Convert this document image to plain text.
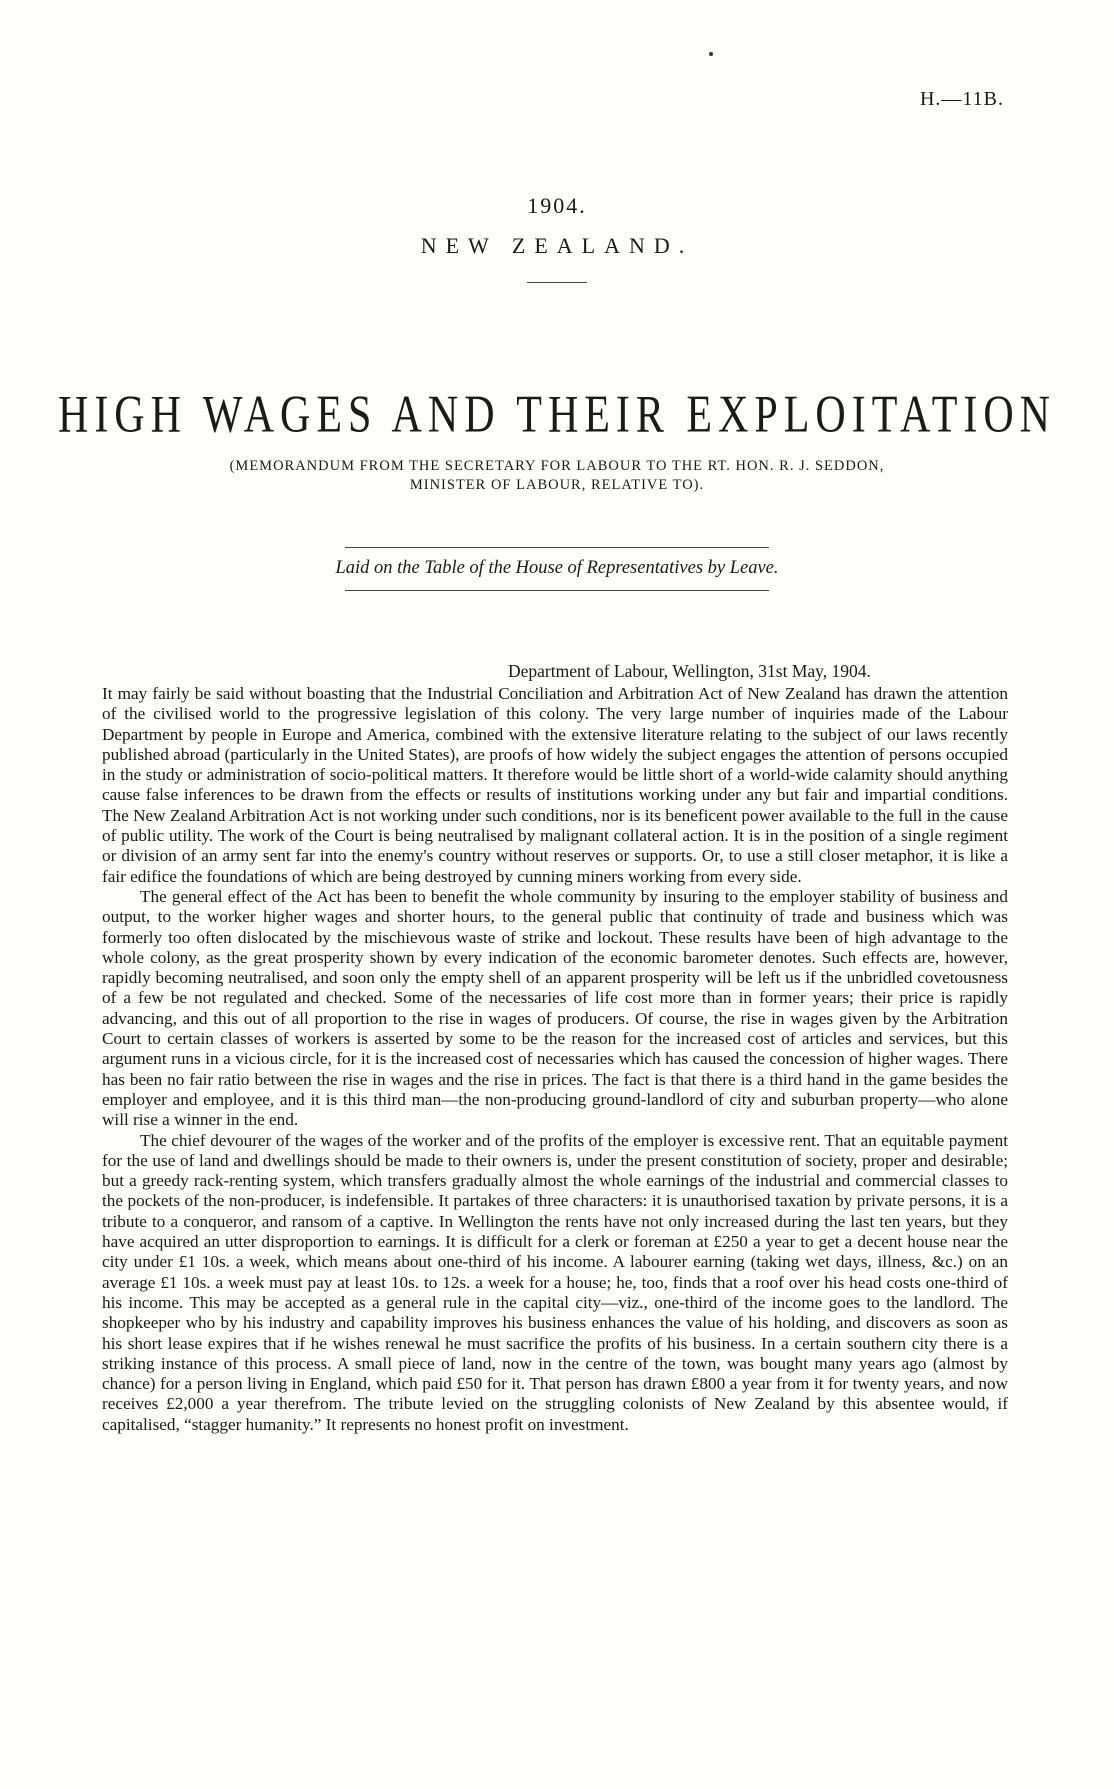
H.—11B.
1904.
NEW ZEALAND.
HIGH WAGES AND THEIR EXPLOITATION
(MEMORANDUM FROM THE SECRETARY FOR LABOUR TO THE RT. HON. R. J. SEDDON,
MINISTER OF LABOUR, RELATIVE TO).
Laid on the Table of the House of Representatives by Leave.
Department of Labour, Wellington, 31st May, 1904.

It may fairly be said without boasting that the Industrial Conciliation and Arbitration Act of New Zealand has drawn the attention of the civilised world to the progressive legislation of this colony. The very large number of inquiries made of the Labour Department by people in Europe and America, combined with the extensive literature relating to the subject of our laws recently published abroad (particularly in the United States), are proofs of how widely the subject engages the attention of persons occupied in the study or administration of socio-political matters. It therefore would be little short of a world-wide calamity should anything cause false inferences to be drawn from the effects or results of institutions working under any but fair and impartial conditions. The New Zealand Arbitration Act is not working under such conditions, nor is its beneficent power available to the full in the cause of public utility. The work of the Court is being neutralised by malignant collateral action. It is in the position of a single regiment or division of an army sent far into the enemy's country without reserves or supports. Or, to use a still closer metaphor, it is like a fair edifice the foundations of which are being destroyed by cunning miners working from every side.

The general effect of the Act has been to benefit the whole community by insuring to the employer stability of business and output, to the worker higher wages and shorter hours, to the general public that continuity of trade and business which was formerly too often dislocated by the mischievous waste of strike and lockout. These results have been of high advantage to the whole colony, as the great prosperity shown by every indication of the economic barometer denotes. Such effects are, however, rapidly becoming neutralised, and soon only the empty shell of an apparent prosperity will be left us if the unbridled covetousness of a few be not regulated and checked. Some of the necessaries of life cost more than in former years; their price is rapidly advancing, and this out of all proportion to the rise in wages of producers. Of course, the rise in wages given by the Arbitration Court to certain classes of workers is asserted by some to be the reason for the increased cost of articles and services, but this argument runs in a vicious circle, for it is the increased cost of necessaries which has caused the concession of higher wages. There has been no fair ratio between the rise in wages and the rise in prices. The fact is that there is a third hand in the game besides the employer and employee, and it is this third man—the non-producing ground-landlord of city and suburban property—who alone will rise a winner in the end.

The chief devourer of the wages of the worker and of the profits of the employer is excessive rent. That an equitable payment for the use of land and dwellings should be made to their owners is, under the present constitution of society, proper and desirable; but a greedy rack-renting system, which transfers gradually almost the whole earnings of the industrial and commercial classes to the pockets of the non-producer, is indefensible. It partakes of three characters: it is unauthorised taxation by private persons, it is a tribute to a conqueror, and ransom of a captive. In Wellington the rents have not only increased during the last ten years, but they have acquired an utter disproportion to earnings. It is difficult for a clerk or foreman at £250 a year to get a decent house near the city under £1 10s. a week, which means about one-third of his income. A labourer earning (taking wet days, illness, &c.) on an average £1 10s. a week must pay at least 10s. to 12s. a week for a house; he, too, finds that a roof over his head costs one-third of his income. This may be accepted as a general rule in the capital city—viz., one-third of the income goes to the landlord. The shopkeeper who by his industry and capability improves his business enhances the value of his holding, and discovers as soon as his short lease expires that if he wishes renewal he must sacrifice the profits of his business. In a certain southern city there is a striking instance of this process. A small piece of land, now in the centre of the town, was bought many years ago (almost by chance) for a person living in England, which paid £50 for it. That person has drawn £800 a year from it for twenty years, and now receives £2,000 a year therefrom. The tribute levied on the struggling colonists of New Zealand by this absentee would, if capitalised, “stagger humanity.” It represents no honest profit on investment.
